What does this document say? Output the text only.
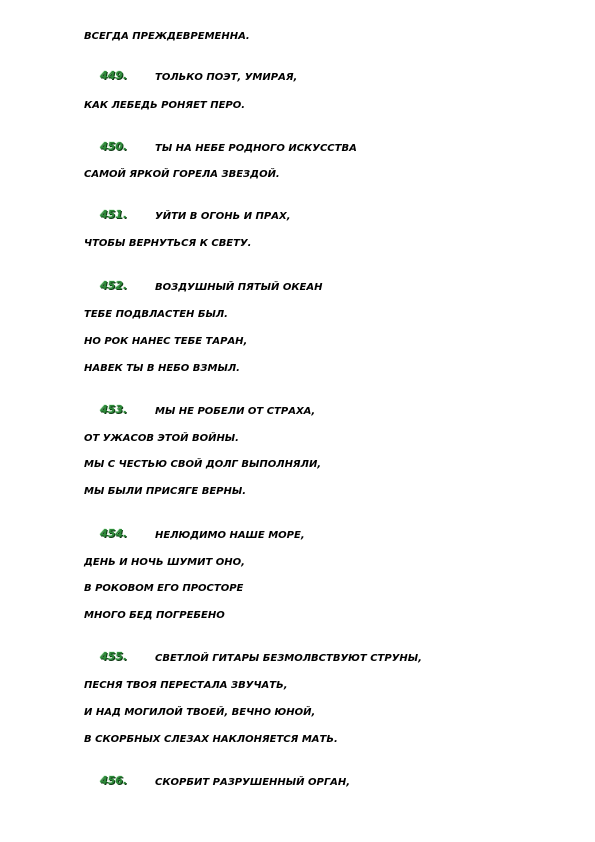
ВСЕГДА ПРЕЖДЕВРЕМЕННА.
449.	ТОЛЬКО ПОЭТ, УМИРАЯ,
КАК ЛЕБЕДЬ РОНЯЕТ ПЕРО.
450.	ТЫ НА НЕБЕ РОДНОГО ИСКУССТВА
САМОЙ ЯРКОЙ ГОРЕЛА ЗВЕЗДОЙ.
451.	УЙТИ В ОГОНЬ И ПРАХ,
ЧТОБЫ ВЕРНУТЬСЯ К СВЕТУ.
452.	ВОЗДУШНЫЙ ПЯТЫЙ ОКЕАН
ТЕБЕ ПОДВЛАСТЕН БЫЛ.
НО РОК НАНЕС ТЕБЕ ТАРАН,
НАВЕК ТЫ В НЕБО ВЗМЫЛ.
453.	МЫ НЕ РОБЕЛИ ОТ СТРАХА,
ОТ УЖАСОВ ЭТОЙ ВОЙНЫ.
МЫ С ЧЕСТЬЮ СВОЙ ДОЛГ ВЫПОЛНЯЛИ,
МЫ БЫЛИ ПРИСЯГЕ ВЕРНЫ.
454.	НЕЛЮДИМО НАШЕ МОРЕ,
ДЕНЬ И НОЧЬ ШУМИТ ОНО,
В РОКОВОМ ЕГО ПРОСТОРЕ
МНОГО БЕД ПОГРЕБЕНО
455.	СВЕТЛОЙ ГИТАРЫ БЕЗМОЛВСТВУЮТ СТРУНЫ,
ПЕСНЯ ТВОЯ ПЕРЕСТАЛА ЗВУЧАТЬ,
И НАД МОГИЛОЙ ТВОЕЙ, ВЕЧНО ЮНОЙ,
В СКОРБНЫХ СЛЕЗАХ НАКЛОНЯЕТСЯ МАТЬ.
456.	СКОРБИТ РАЗРУШЕННЫЙ ОРГАН,
